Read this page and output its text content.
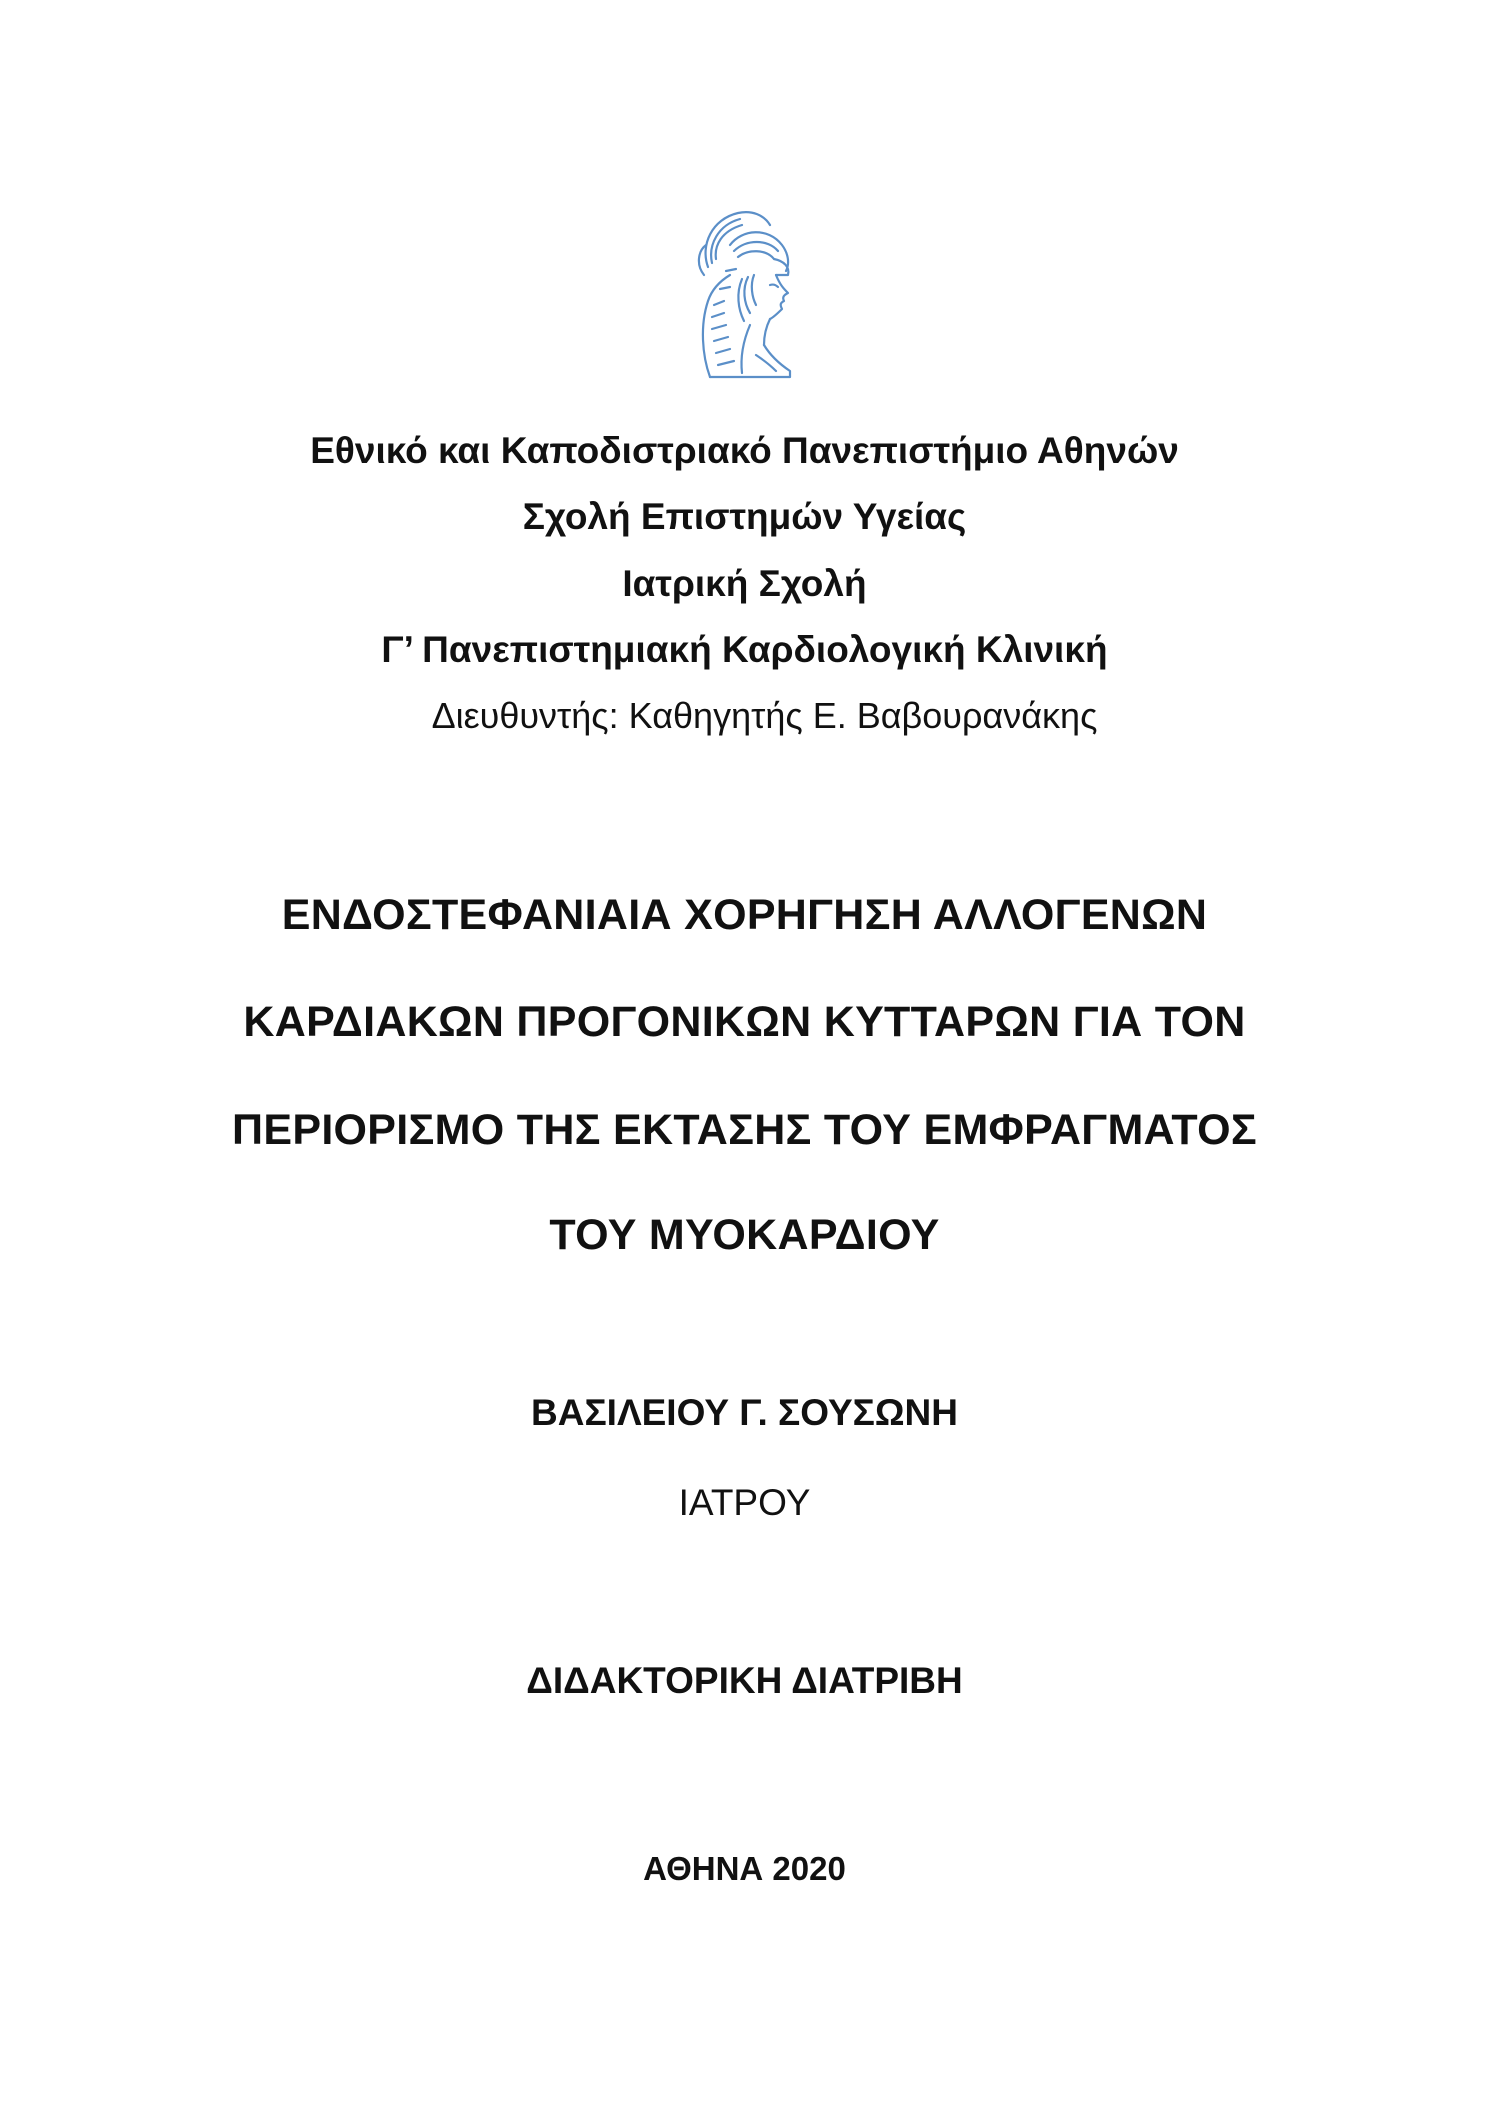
Εθνικό και Καποδιστριακό Πανεπιστήμιο Αθηνών
Σχολή Επιστημών Υγείας
Ιατρική Σχολή
Γ’ Πανεπιστημιακή Καρδιολογική Κλινική
Διευθυντής: Καθηγητής Ε. Βαβουρανάκης
ΕΝΔΟΣΤΕΦΑΝΙΑΙΑ ΧΟΡΗΓΗΣΗ ΑΛΛΟΓΕΝΩΝ
ΚΑΡΔΙΑΚΩΝ ΠΡΟΓΟΝΙΚΩΝ ΚΥΤΤΑΡΩΝ ΓΙΑ ΤΟΝ
ΠΕΡΙΟΡΙΣΜΟ ΤΗΣ ΕΚΤΑΣΗΣ ΤΟΥ ΕΜΦΡΑΓΜΑΤΟΣ
ΤΟΥ ΜΥΟΚΑΡΔΙΟΥ
ΒΑΣΙΛΕΙΟΥ Γ. ΣΟΥΣΩΝΗ
ΙΑΤΡΟΥ
ΔΙΔΑΚΤΟΡΙΚΗ ΔΙΑΤΡΙΒΗ
ΑΘΗΝΑ 2020
